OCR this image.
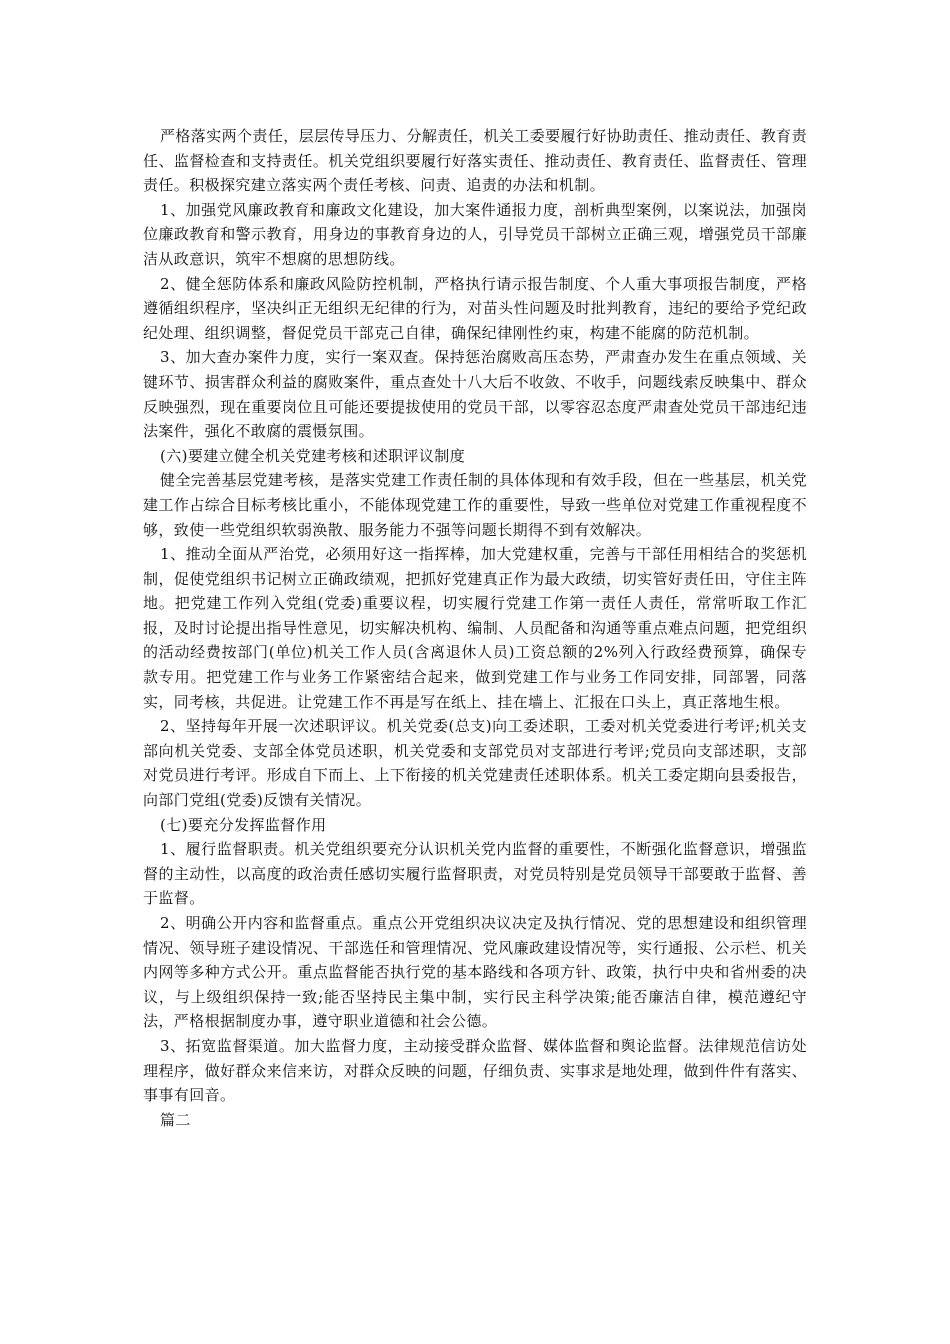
严格落实两个责任，层层传导压力、分解责任，机关工委要履行好协助责任、推动责任、教育责任、监督检查和支持责任。机关党组织要履行好落实责任、推动责任、教育责任、监督责任、管理责任。积极探究建立落实两个责任考核、问责、追责的办法和机制。

1、加强党风廉政教育和廉政文化建设，加大案件通报力度，剖析典型案例，以案说法，加强岗位廉政教育和警示教育，用身边的事教育身边的人，引导党员干部树立正确三观，增强党员干部廉洁从政意识，筑牢不想腐的思想防线。

2、健全惩防体系和廉政风险防控机制，严格执行请示报告制度、个人重大事项报告制度，严格遵循组织程序，坚决纠正无组织无纪律的行为，对苗头性问题及时批判教育，违纪的要给予党纪政纪处理、组织调整，督促党员干部克己自律，确保纪律刚性约束，构建不能腐的防范机制。

3、加大查办案件力度，实行一案双查。保持惩治腐败高压态势，严肃查办发生在重点领域、关键环节、损害群众利益的腐败案件，重点查处十八大后不收敛、不收手，问题线索反映集中、群众反映强烈，现在重要岗位且可能还要提拔使用的党员干部，以零容忍态度严肃查处党员干部违纪违法案件，强化不敢腐的震慑氛围。

(六)要建立健全机关党建考核和述职评议制度

健全完善基层党建考核，是落实党建工作责任制的具体体现和有效手段，但在一些基层，机关党建工作占综合目标考核比重小，不能体现党建工作的重要性，导致一些单位对党建工作重视程度不够，致使一些党组织软弱涣散、服务能力不强等问题长期得不到有效解决。

1、推动全面从严治党，必须用好这一指挥棒，加大党建权重，完善与干部任用相结合的奖惩机制，促使党组织书记树立正确政绩观，把抓好党建真正作为最大政绩，切实管好责任田，守住主阵地。把党建工作列入党组(党委)重要议程，切实履行党建工作第一责任人责任，常常听取工作汇报，及时讨论提出指导性意见，切实解决机构、编制、人员配备和沟通等重点难点问题，把党组织的活动经费按部门(单位)机关工作人员(含离退休人员)工资总额的2%列入行政经费预算，确保专款专用。把党建工作与业务工作紧密结合起来，做到党建工作与业务工作同安排，同部署，同落实，同考核，共促进。让党建工作不再是写在纸上、挂在墙上、汇报在口头上，真正落地生根。

2、坚持每年开展一次述职评议。机关党委(总支)向工委述职，工委对机关党委进行考评;机关支部向机关党委、支部全体党员述职，机关党委和支部党员对支部进行考评;党员向支部述职，支部对党员进行考评。形成自下而上、上下衔接的机关党建责任述职体系。机关工委定期向县委报告，向部门党组(党委)反馈有关情况。

(七)要充分发挥监督作用

1、履行监督职责。机关党组织要充分认识机关党内监督的重要性，不断强化监督意识，增强监督的主动性，以高度的政治责任感切实履行监督职责，对党员特别是党员领导干部要敢于监督、善于监督。

2、明确公开内容和监督重点。重点公开党组织决议决定及执行情况、党的思想建设和组织管理情况、领导班子建设情况、干部选任和管理情况、党风廉政建设情况等，实行通报、公示栏、机关内网等多种方式公开。重点监督能否执行党的基本路线和各项方针、政策，执行中央和省州委的决议，与上级组织保持一致;能否坚持民主集中制，实行民主科学决策;能否廉洁自律，模范遵纪守法，严格根据制度办事，遵守职业道德和社会公德。

3、拓宽监督渠道。加大监督力度，主动接受群众监督、媒体监督和舆论监督。法律规范信访处理程序，做好群众来信来访，对群众反映的问题，仔细负责、实事求是地处理，做到件件有落实、事事有回音。

篇二
